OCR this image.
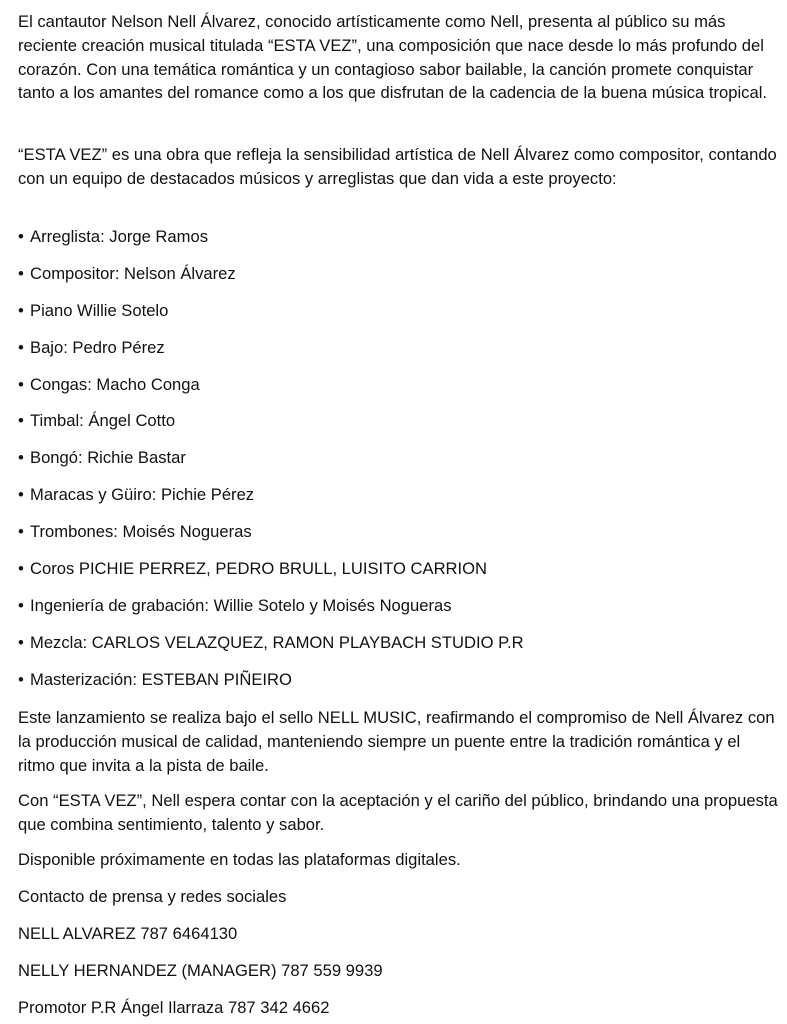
El cantautor Nelson Nell Álvarez, conocido artísticamente como Nell, presenta al público su más reciente creación musical titulada “ESTA VEZ”, una composición que nace desde lo más profundo del corazón. Con una temática romántica y un contagioso sabor bailable, la canción promete conquistar tanto a los amantes del romance como a los que disfrutan de la cadencia de la buena música tropical.

“ESTA VEZ” es una obra que refleja la sensibilidad artística de Nell Álvarez como compositor, contando con un equipo de destacados músicos y arreglistas que dan vida a este proyecto:

• Arreglista: Jorge Ramos
• Compositor: Nelson Álvarez
• Piano Willie Sotelo
• Bajo: Pedro Pérez
• Congas: Macho Conga
• Timbal: Ángel Cotto
• Bongó: Richie Bastar
• Maracas y Güiro: Pichie Pérez
• Trombones: Moisés Nogueras
• Coros PICHIE PERREZ, PEDRO BRULL, LUISITO CARRION
• Ingeniería de grabación: Willie Sotelo y Moisés Nogueras
• Mezcla: CARLOS VELAZQUEZ, RAMON PLAYBACH STUDIO P.R
• Masterización: ESTEBAN PIÑEIRO

Este lanzamiento se realiza bajo el sello NELL MUSIC, reafirmando el compromiso de Nell Álvarez con la producción musical de calidad, manteniendo siempre un puente entre la tradición romántica y el ritmo que invita a la pista de baile.

Con “ESTA VEZ”, Nell espera contar con la aceptación y el cariño del público, brindando una propuesta que combina sentimiento, talento y sabor.

Disponible próximamente en todas las plataformas digitales.

Contacto de prensa y redes sociales

NELL ALVAREZ 787 6464130

NELLY HERNANDEZ (MANAGER) 787 559 9939

Promotor P.R Ángel Ilarraza 787 342 4662
